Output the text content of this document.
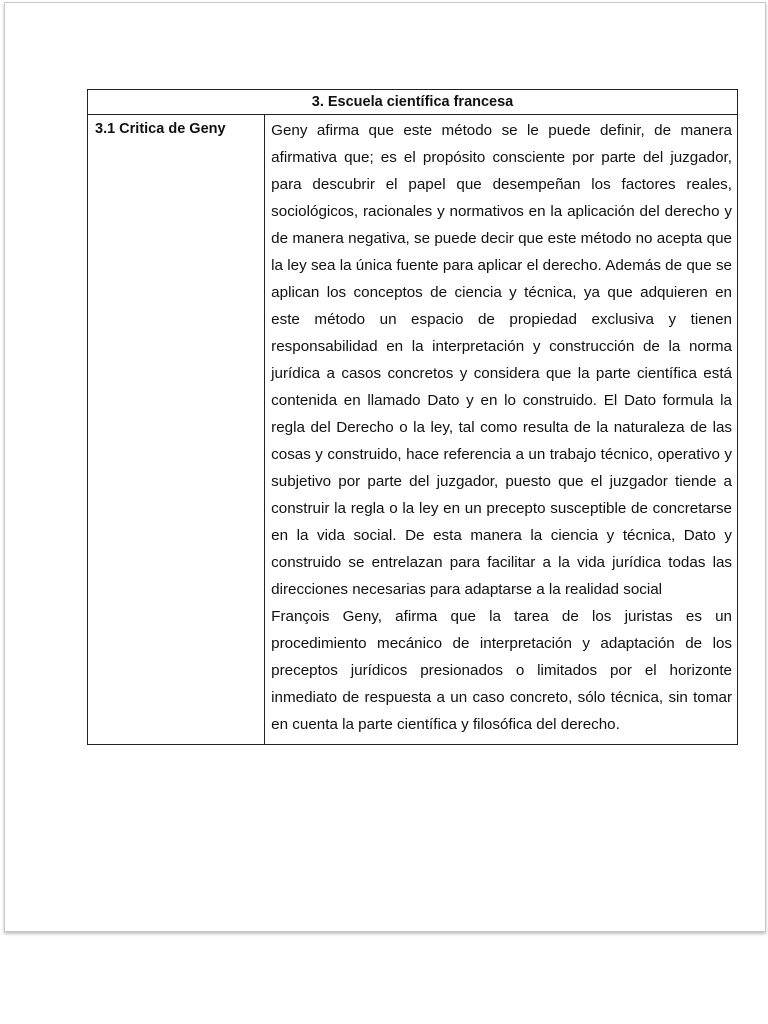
3. Escuela científica francesa
3.1 Critica de Geny	Geny afirma que este método se le puede definir, de manera afirmativa que; es el propósito consciente por parte del juzgador, para descubrir el papel que desempeñan los factores reales, sociológicos, racionales y normativos en la aplicación del derecho y de manera negativa, se puede decir que este método no acepta que la ley sea la única fuente para aplicar el derecho. Además de que se aplican los conceptos de ciencia y técnica, ya que adquieren en este método un espacio de propiedad exclusiva y tienen responsabilidad en la interpretación y construcción de la norma jurídica a casos concretos y considera que la parte científica está contenida en llamado Dato y en lo construido. El Dato formula la regla del Derecho o la ley, tal como resulta de la naturaleza de las cosas y construido, hace referencia a un trabajo técnico, operativo y subjetivo por parte del juzgador, puesto que el juzgador tiende a construir la regla o la ley en un precepto susceptible de concretarse en la vida social. De esta manera la ciencia y técnica, Dato y construido se entrelazan para facilitar a la vida jurídica todas las direcciones necesarias para adaptarse a la realidad social

François Geny, afirma que la tarea de los juristas es un procedimiento mecánico de interpretación y adaptación de los preceptos jurídicos presionados o limitados por el horizonte inmediato de respuesta a un caso concreto, sólo técnica, sin tomar en cuenta la parte científica y filosófica del derecho.
